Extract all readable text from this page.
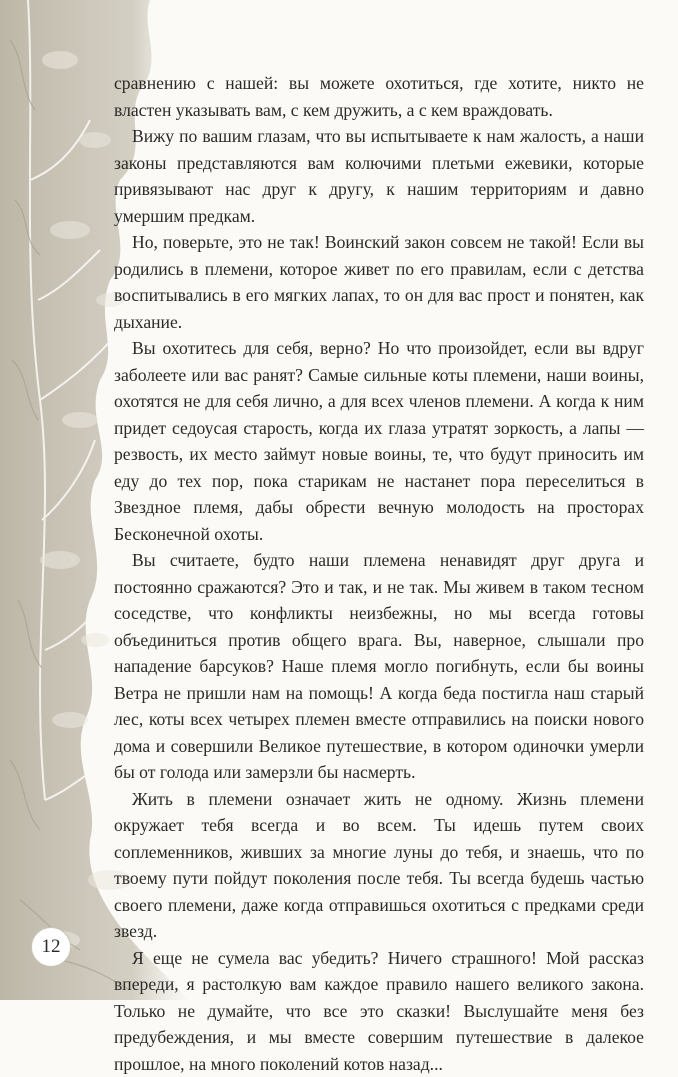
сравнению с нашей: вы можете охотиться, где хотите, никто не властен указывать вам, с кем дружить, а с кем враждовать.

Вижу по вашим глазам, что вы испытываете к нам жалость, а наши законы представляются вам колючими плетьми ежевики, которые привязывают нас друг к другу, к нашим территориям и давно умершим предкам.

Но, поверьте, это не так! Воинский закон совсем не такой! Если вы родились в племени, которое живет по его правилам, если с детства воспитывались в его мягких лапах, то он для вас прост и понятен, как дыхание.

Вы охотитесь для себя, верно? Но что произойдет, если вы вдруг заболеете или вас ранят? Самые сильные коты племени, наши воины, охотятся не для себя лично, а для всех членов племени. А когда к ним придет седоусая старость, когда их глаза утратят зоркость, а лапы — резвость, их место займут новые воины, те, что будут приносить им еду до тех пор, пока старикам не настанет пора переселиться в Звездное племя, дабы обрести вечную молодость на просторах Бесконечной охоты.

Вы считаете, будто наши племена ненавидят друг друга и постоянно сражаются? Это и так, и не так. Мы живем в таком тесном соседстве, что конфликты неизбежны, но мы всегда готовы объединиться против общего врага. Вы, наверное, слышали про нападение барсуков? Наше племя могло погибнуть, если бы воины Ветра не пришли нам на помощь! А когда беда постигла наш старый лес, коты всех четырех племен вместе отправились на поиски нового дома и совершили Великое путешествие, в котором одиночки умерли бы от голода или замерзли бы насмерть.

Жить в племени означает жить не одному. Жизнь племени окружает тебя всегда и во всем. Ты идешь путем своих соплеменников, живших за многие луны до тебя, и знаешь, что по твоему пути пойдут поколения после тебя. Ты всегда будешь частью своего племени, даже когда отправишься охотиться с предками среди звезд.

Я еще не сумела вас убедить? Ничего страшного! Мой рассказ впереди, я растолкую вам каждое правило нашего великого закона. Только не думайте, что все это сказки! Выслушайте меня без предубеждения, и мы вместе совершим путешествие в далекое прошлое, на много поколений котов назад...

12
